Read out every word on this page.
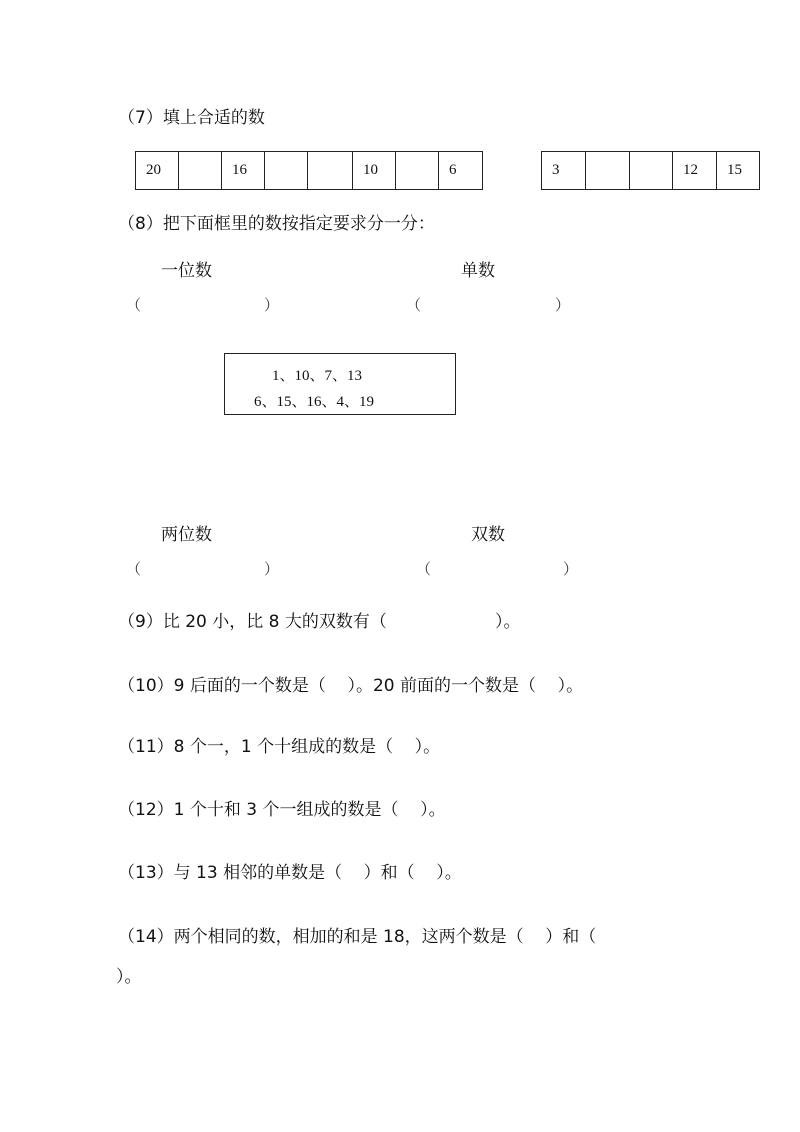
（7）填上合适的数
20	16	10	6	3	12	15
（8）把下面框里的数按指定要求分一分：
一位数	单数
（	）	（	）
1、10、7、13
6、15、16、4、19
两位数	双数
（	）	（	）
（9）比 20 小，比 8 大的双数有（                    ）。
（10）9 后面的一个数是（    ）。20 前面的一个数是（    ）。
（11）8 个一，1 个十组成的数是（    ）。
（12）1 个十和 3 个一组成的数是（    ）。
（13）与 13 相邻的单数是（    ）和（    ）。
（14）两个相同的数，相加的和是 18，这两个数是（    ）和（
）。
